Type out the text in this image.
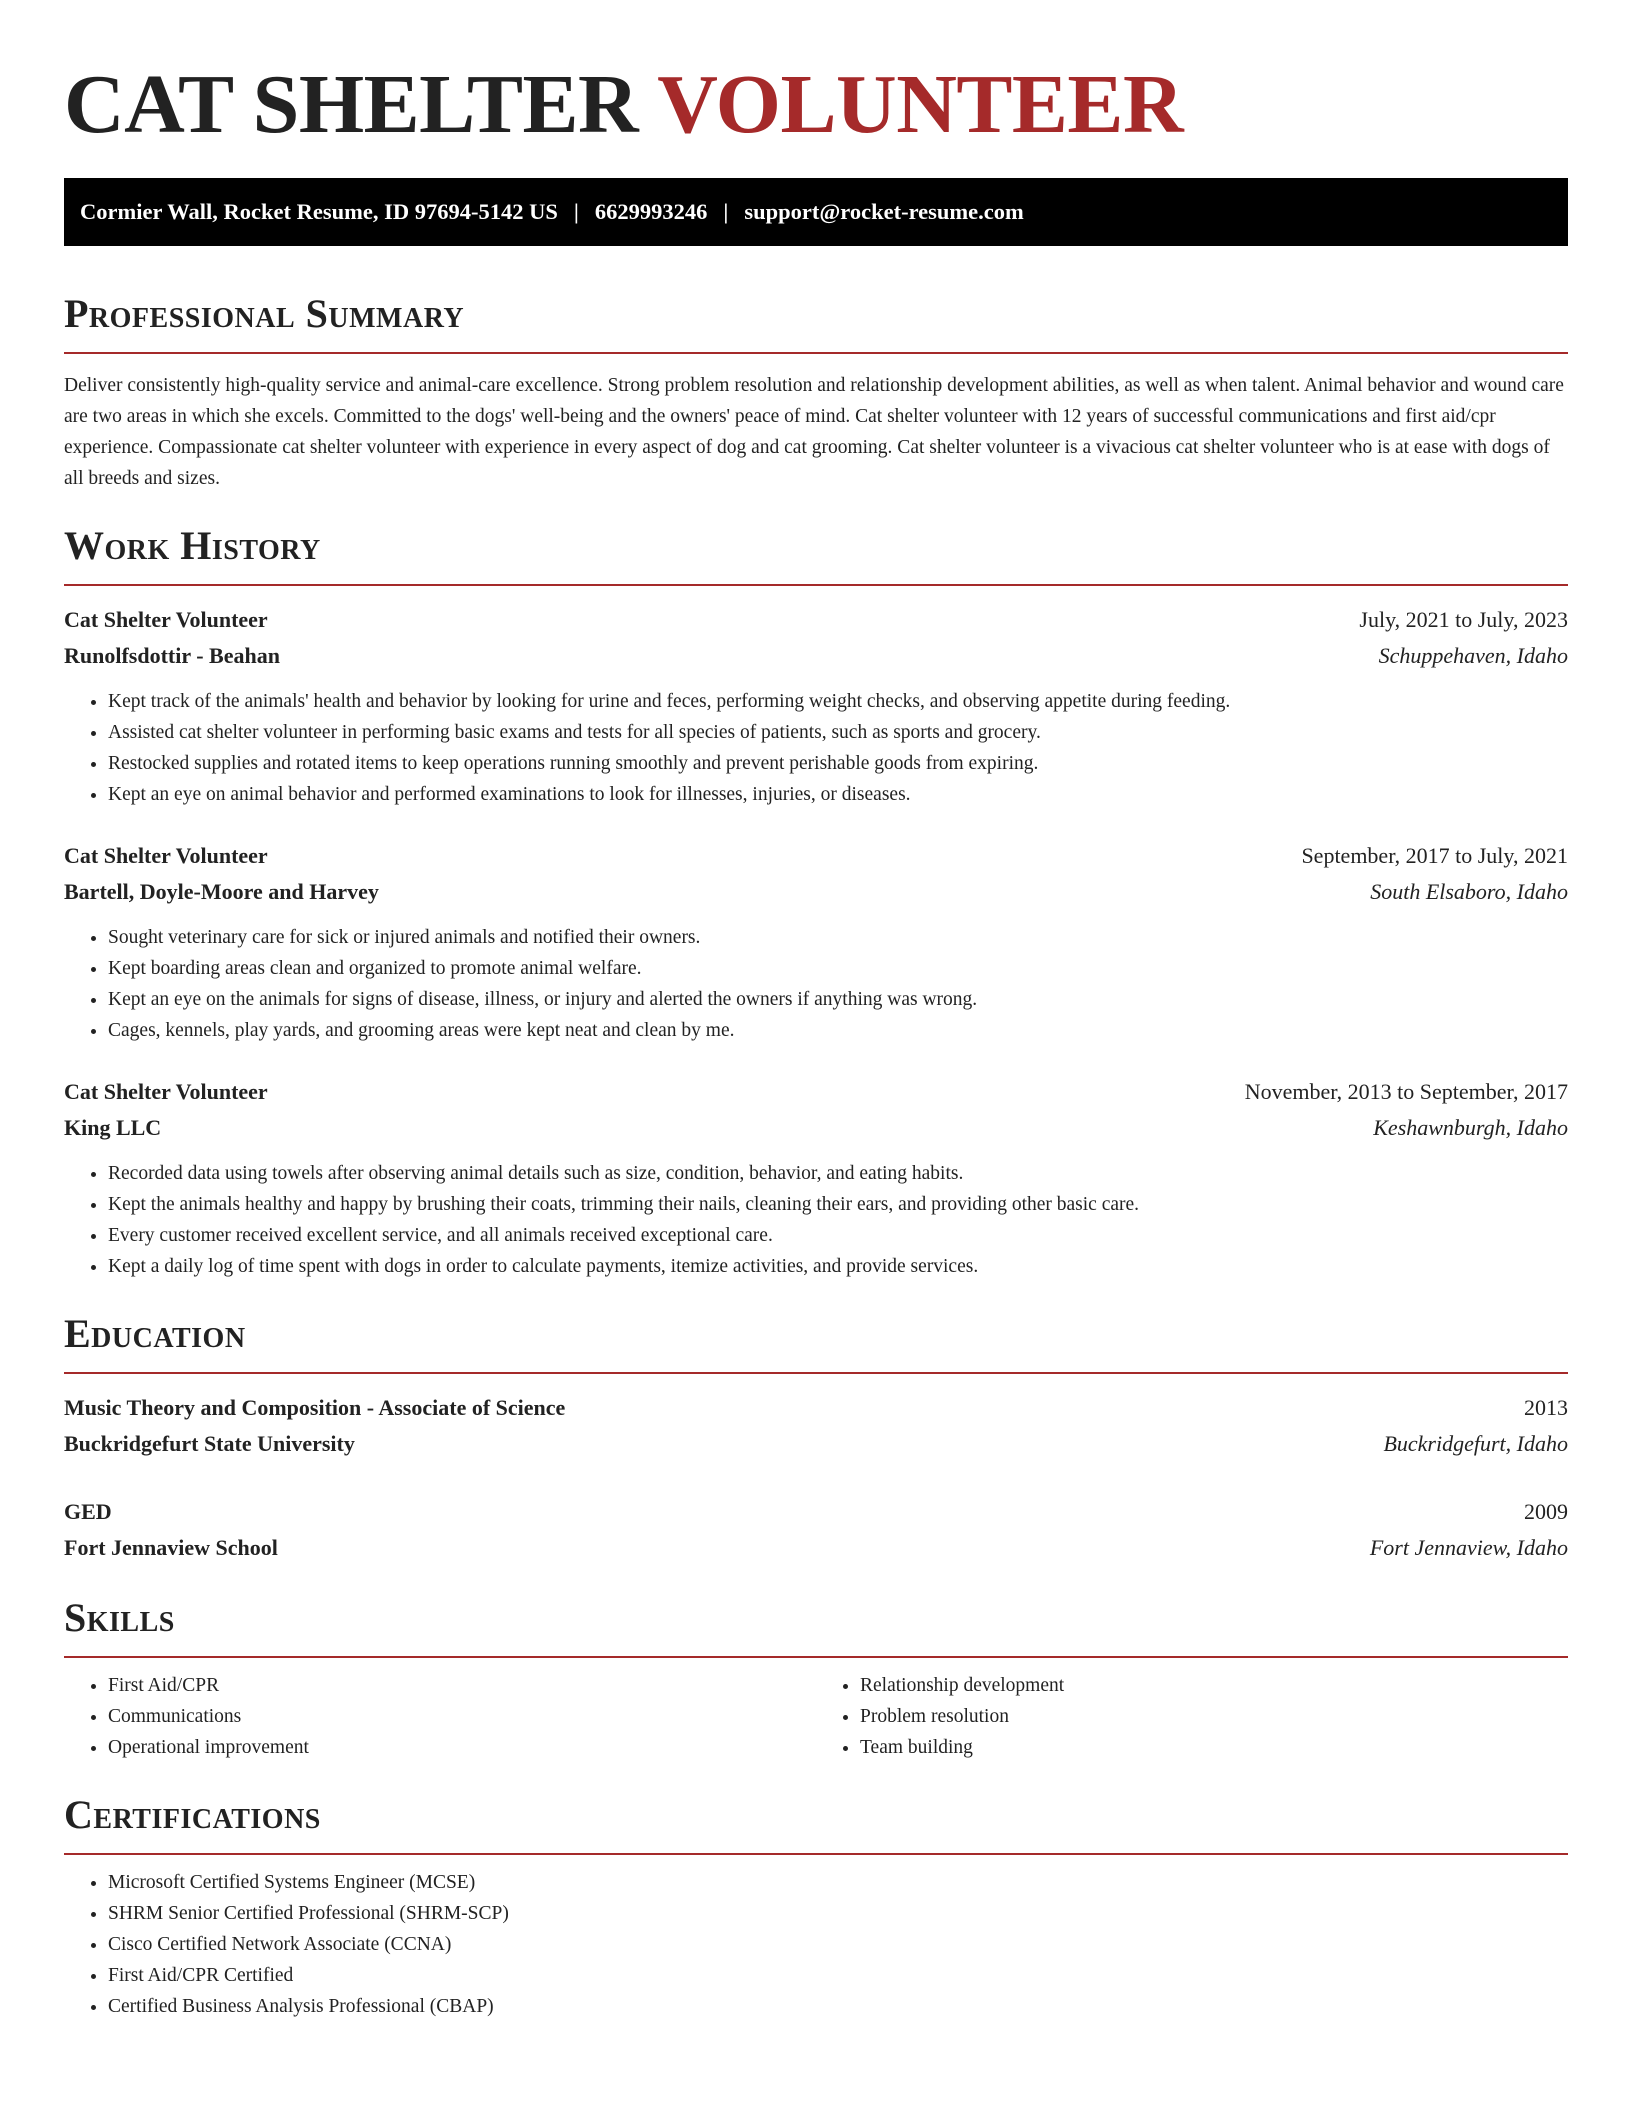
CAT SHELTER VOLUNTEER
Cormier Wall, Rocket Resume, ID 97694-5142 US | 6629993246 | support@rocket-resume.com
Professional Summary

Deliver consistently high-quality service and animal-care excellence. Strong problem resolution and relationship development abilities, as well as when talent. Animal behavior and wound care are two areas in which she excels. Committed to the dogs' well-being and the owners' peace of mind. Cat shelter volunteer with 12 years of successful communications and first aid/cpr experience. Compassionate cat shelter volunteer with experience in every aspect of dog and cat grooming. Cat shelter volunteer is a vivacious cat shelter volunteer who is at ease with dogs of all breeds and sizes.

Work History
Cat Shelter Volunteer	July, 2021 to July, 2023
Runolfsdottir - Beahan	Schuppehaven, Idaho
• Kept track of the animals' health and behavior by looking for urine and feces, performing weight checks, and observing appetite during feeding.
• Assisted cat shelter volunteer in performing basic exams and tests for all species of patients, such as sports and grocery.
• Restocked supplies and rotated items to keep operations running smoothly and prevent perishable goods from expiring.
• Kept an eye on animal behavior and performed examinations to look for illnesses, injuries, or diseases.
Cat Shelter Volunteer	September, 2017 to July, 2021
Bartell, Doyle-Moore and Harvey	South Elsaboro, Idaho
• Sought veterinary care for sick or injured animals and notified their owners.
• Kept boarding areas clean and organized to promote animal welfare.
• Kept an eye on the animals for signs of disease, illness, or injury and alerted the owners if anything was wrong.
• Cages, kennels, play yards, and grooming areas were kept neat and clean by me.
Cat Shelter Volunteer	November, 2013 to September, 2017
King LLC	Keshawnburgh, Idaho
• Recorded data using towels after observing animal details such as size, condition, behavior, and eating habits.
• Kept the animals healthy and happy by brushing their coats, trimming their nails, cleaning their ears, and providing other basic care.
• Every customer received excellent service, and all animals received exceptional care.
• Kept a daily log of time spent with dogs in order to calculate payments, itemize activities, and provide services.
Education
Music Theory and Composition - Associate of Science	2013
Buckridgefurt State University	Buckridgefurt, Idaho
GED	2009
Fort Jennaview School	Fort Jennaview, Idaho
Skills
• First Aid/CPR
• Communications
• Operational improvement
• Relationship development
• Problem resolution
• Team building
Certifications
• Microsoft Certified Systems Engineer (MCSE)
• SHRM Senior Certified Professional (SHRM-SCP)
• Cisco Certified Network Associate (CCNA)
• First Aid/CPR Certified
• Certified Business Analysis Professional (CBAP)
